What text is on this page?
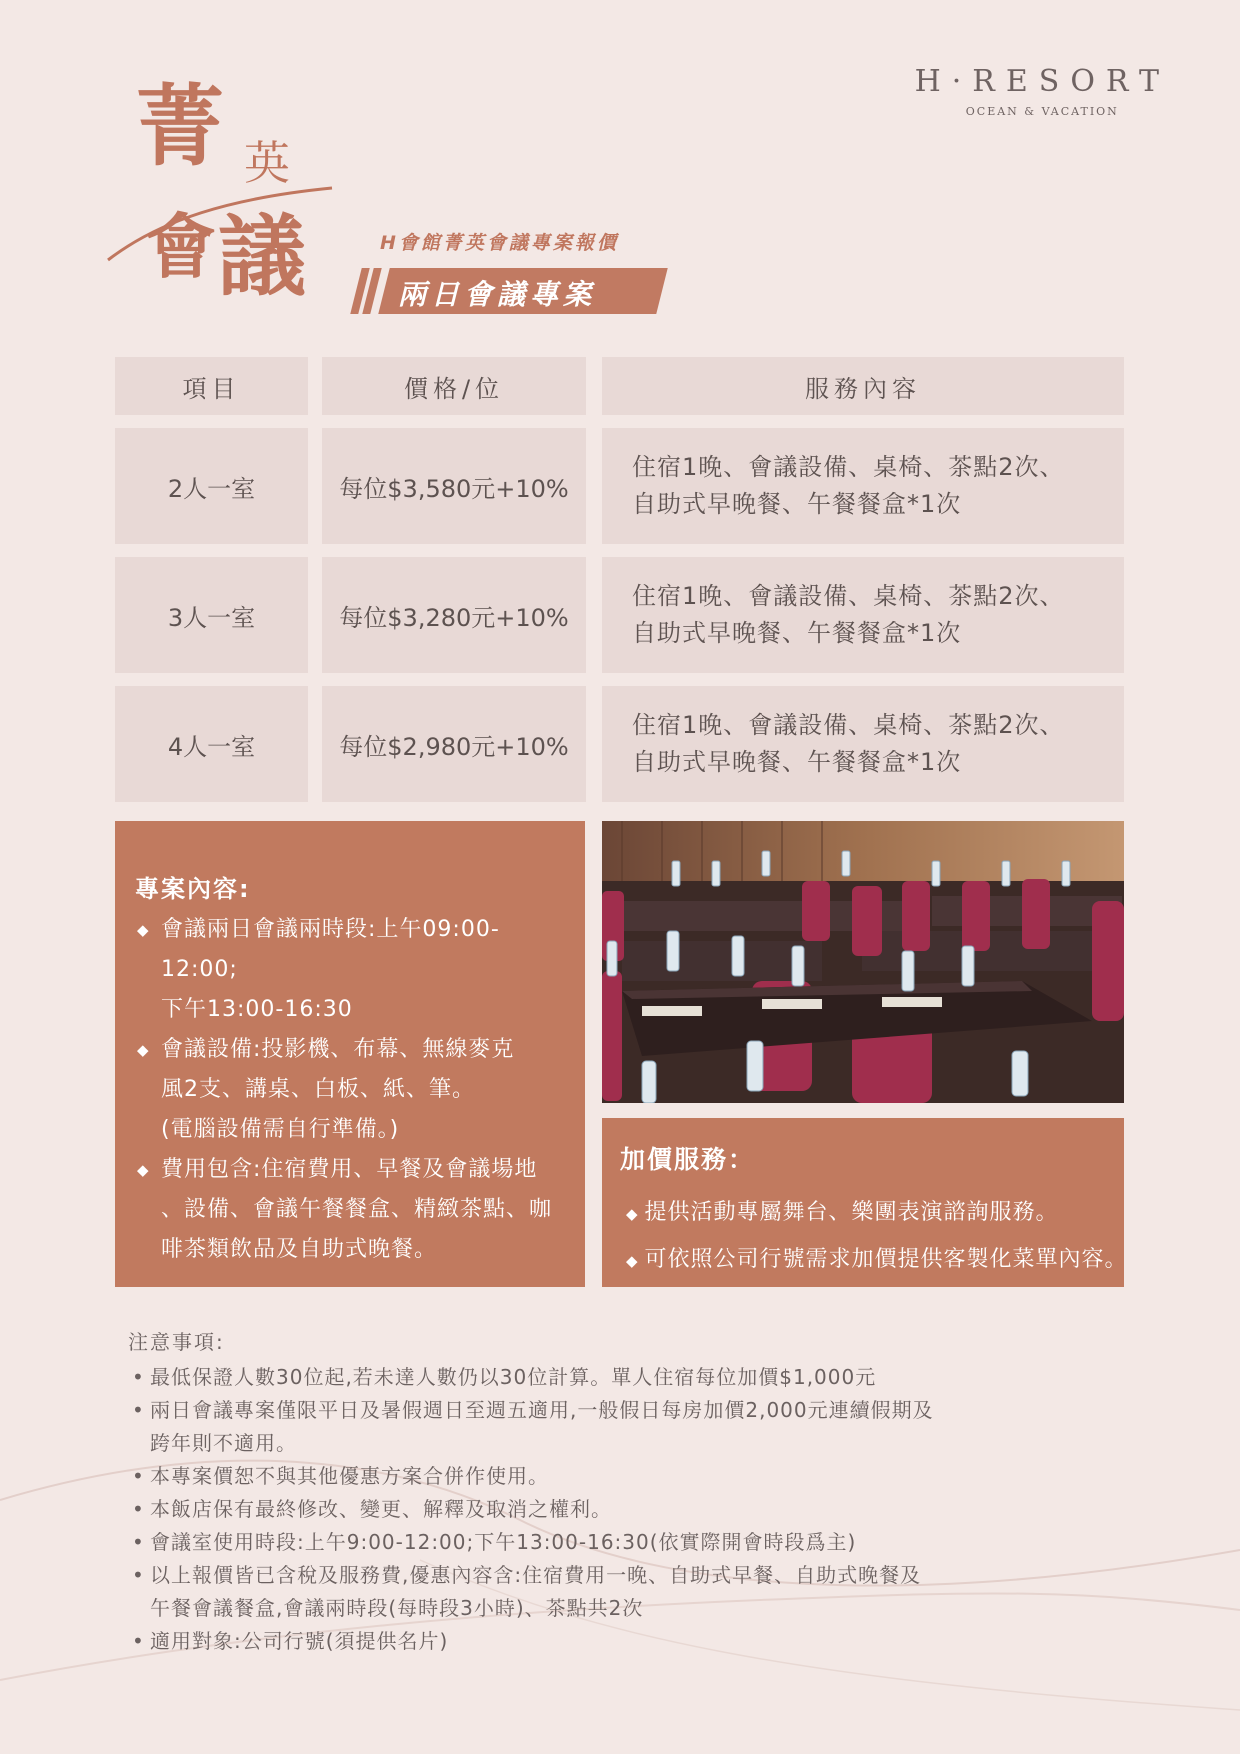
H·RESORT
OCEAN & VACATION
菁 英
會 議	H會館菁英會議專案報價
兩日會議專案
項目	價格/位	服務內容
2人一室	每位$3,580元+10%
住宿1晚、會議設備、桌椅、茶點2次、
自助式早晚餐、午餐餐盒*1次
3人一室	每位$3,280元+10%
住宿1晚、會議設備、桌椅、茶點2次、
自助式早晚餐、午餐餐盒*1次
4人一室	每位$2,980元+10%
住宿1晚、會議設備、桌椅、茶點2次、
自助式早晚餐、午餐餐盒*1次
專案內容:
◆ 會議兩日會議兩時段:上午09:00-12:00;
下午13:00-16:30
◆ 會議設備:投影機、布幕、無線麥克
風2支、講桌、白板、紙、筆。
(電腦設備需自行準備。)
◆ 費用包含:住宿費用、早餐及會議場地
、設備、會議午餐餐盒、精緻茶點、咖
啡茶類飲品及自助式晚餐。
加價服務：
◆ 提供活動專屬舞台、樂團表演諮詢服務。
◆ 可依照公司行號需求加價提供客製化菜單內容。
注意事項:
• 最低保證人數30位起,若未達人數仍以30位計算。單人住宿每位加價$1,000元
• 兩日會議專案僅限平日及暑假週日至週五適用,一般假日每房加價2,000元連續假期及
跨年則不適用。
• 本專案價恕不與其他優惠方案合併作使用。
• 本飯店保有最終修改、變更、解釋及取消之權利。
• 會議室使用時段:上午9:00-12:00;下午13:00-16:30(依實際開會時段爲主)
• 以上報價皆已含稅及服務費,優惠內容含:住宿費用一晚、自助式早餐、自助式晚餐及
午餐會議餐盒,會議兩時段(每時段3小時)、茶點共2次
• 適用對象:公司行號(須提供名片)
